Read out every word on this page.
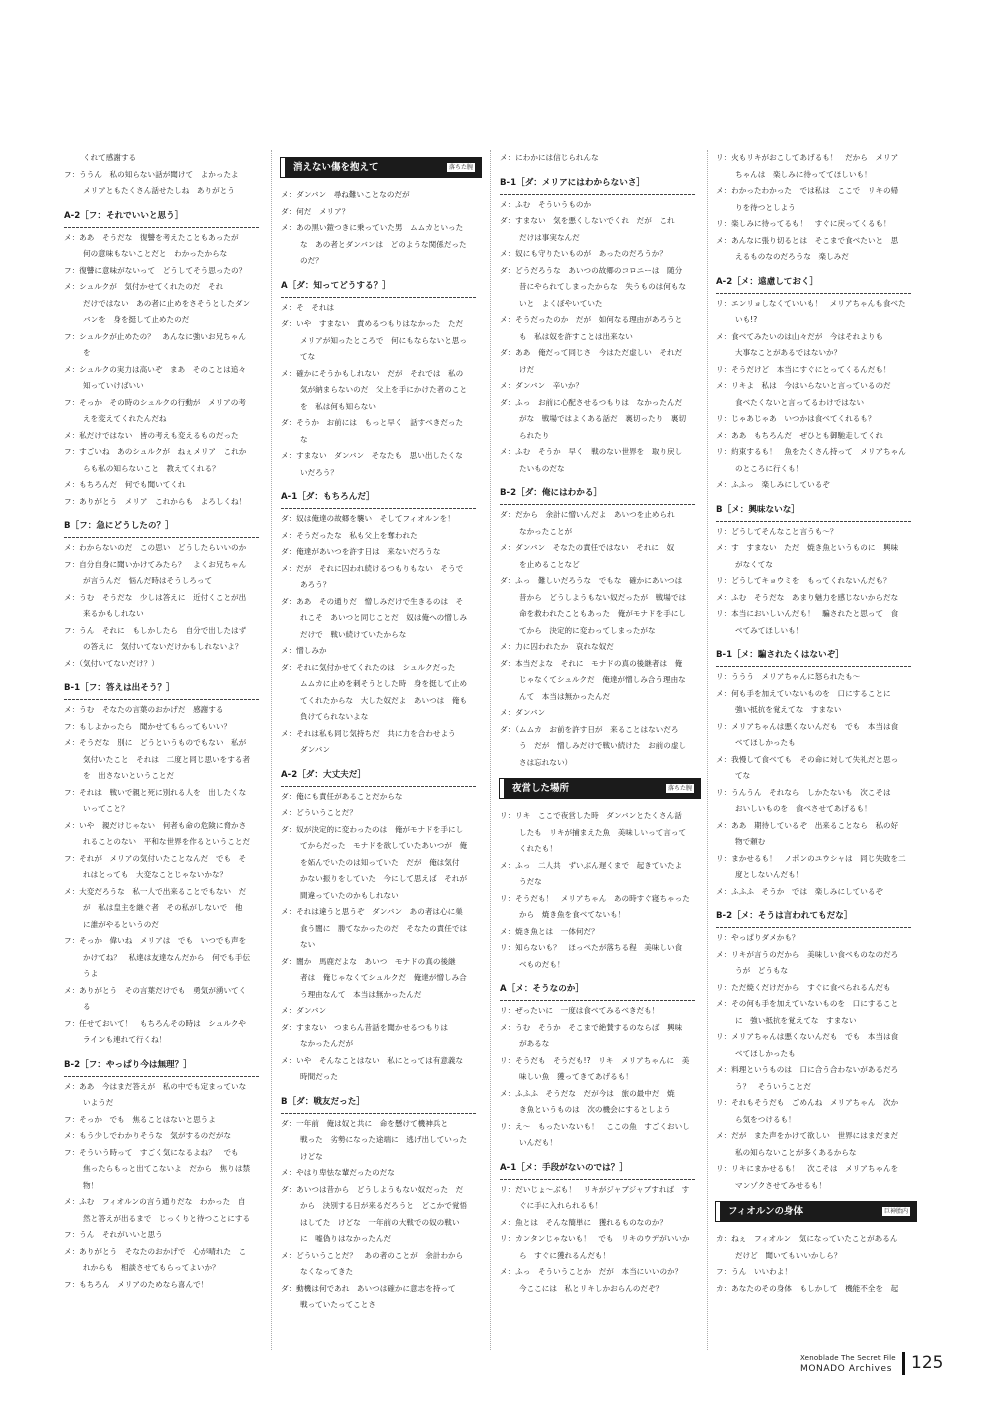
くれて感謝する
フ：ううん　私の知らない話が聞けて　よかったよ
メリアともたくさん話せたしね　ありがとう
A-2［フ：それでいいと思う］
メ：ああ　そうだな　復讐を考えたこともあったが
何の意味もないことだと　わかったからな
フ：復讐に意味がないって　どうしてそう思ったの？
メ：シュルクが　気付かせてくれたのだ　それ
だけではない　あの者に止めをさそうとしたダン
バンを　身を挺して止めたのだ
フ：シュルクが止めたの？　あんなに強いお兄ちゃん
を
メ：シュルクの実力は高いぞ　まあ　そのことは追々
知っていけばいい
フ：そっか　その時のシュルクの行動が　メリアの考
えを変えてくれたんだね
メ：私だけではない　皆の考えも変えるものだった
フ：すごいね　あのシュルクが　ねぇメリア　これか
らも私の知らないこと　教えてくれる？
メ：もちろんだ　何でも聞いてくれ
フ：ありがとう　メリア　これからも　よろしくね！
B［フ：急にどうしたの？］
メ：わからないのだ　この思い　どうしたらいいのか
フ：自分自身に聞いかけてみたら？　よくお兄ちゃん
が言うんだ　悩んだ時はそうしろって
メ：うむ　そうだな　少しは答えに　近付くことが出
来るかもしれない
フ：うん　それに　もしかしたら　自分で出したはず
の答えに　気付いてないだけかもしれないよ？
メ：（気付いてないだけ？）
B-1［フ：答えは出そう？］
メ：うむ　そなたの言葉のおかげだ　感謝する
フ：もしよかったら　聞かせてもらってもいい？
メ：そうだな　別に　どうというものでもない　私が
気付いたこと　それは　二度と同じ思いをする者
を　出さないということだ
フ：それは　戦いで親と死に別れる人を　出したくな
いってこと？
メ：いや　親だけじゃない　何者も命の危険に脅かさ
れることのない　平和な世界を作るということだ
フ：それが　メリアの気付いたことなんだ　でも　そ
れはとっても　大変なことじゃないかな？
メ：大変だろうな　私一人で出来ることでもない　だ
が　私は皇主を継ぐ者　その私がしないで　他
に誰がやるというのだ
フ：そっか　偉いね　メリアは　でも　いつでも声を
かけてね？　私達は友達なんだから　何でも手伝
うよ
メ：ありがとう　その言葉だけでも　勇気が湧いてく
る
フ：任せておいて！　もちろんその時は　シュルクや
ラインも連れて行くね！
B-2［フ：やっぱり今は無理？］
メ：ああ　今はまだ答えが　私の中でも定まっていな
いようだ
フ：そっか　でも　焦ることはないと思うよ
メ：もう少しでわかりそうな　気がするのだがな
フ：そういう時って　すごく気になるよね？　でも
焦ったらもっと出てこないよ　だから　焦りは禁
物！
メ：ふむ　フィオルンの言う通りだな　わかった　自
然と答えが出るまで　じっくりと待つことにする
フ：うん　それがいいと思う
メ：ありがとう　そなたのおかげで　心が晴れた　こ
れからも　相談させてもらってよいか？
フ：もちろん　メリアのためなら喜んで！
消えない傷を抱えて	落ちた腕
メ：ダンバン　尋ね難いことなのだが
ダ：何だ　メリア？
メ：あの黒い鎧つきに乗っていた男　ムムカといった
な　あの者とダンバンは　どのような関係だった
のだ？
A［ダ：知ってどうする？］
メ：そ　それは
ダ：いや　すまない　責めるつもりはなかった　ただ
メリアが知ったところで　何にもならないと思っ
てな
メ：確かにそうかもしれない　だが　それでは　私の
気が納まらないのだ　父上を手にかけた者のこと
を　私は何も知らない
ダ：そうか　お前には　もっと早く　話すべきだった
な
メ：すまない　ダンバン　そなたも　思い出したくな
いだろう？
A-1［ダ：もちろんだ］
ダ：奴は俺達の故郷を襲い　そしてフィオルンを！
メ：そうだったな　私も父上を奪われた
ダ：俺達があいつを許す日は　来ないだろうな
メ：だが　それに囚われ続けるつもりもない　そうで
あろう？
ダ：ああ　その通りだ　憎しみだけで生きるのは　そ
れこそ　あいつと同じことだ　奴は俺への憎しみ
だけで　戦い続けていたからな
メ：憎しみか
ダ：それに気付かせてくれたのは　シュルクだった
ムムカに止めを刺そうとした時　身を挺して止め
てくれたからな　大した奴だよ　あいつは　俺も
負けてられないよな
メ：それは私も同じ気持ちだ　共に力を合わせよう
ダンバン
A-2［ダ：大丈夫だ］
ダ：俺にも責任があることだからな
メ：どういうことだ？
ダ：奴が決定的に変わったのは　俺がモナドを手にし
てからだった　モナドを欲していたあいつが　俺
を妬んでいたのは知っていた　だが　俺は気付
かない振りをしていた　今にして思えば　それが
間違っていたのかもしれない
メ：それは違うと思うぞ　ダンバン　あの者は心に巣
食う闇に　勝てなかったのだ　そなたの責任では
ない
ダ：闇か　馬鹿だよな　あいつ　モナドの真の後継
者は　俺じゃなくてシュルクだ　俺達が憎しみ合
う理由なんて　本当は無かったんだ
メ：ダンバン
ダ：すまない　つまらん昔話を聞かせるつもりは
なかったんだが
メ：いや　そんなことはない　私にとっては有意義な
時間だった
B［ダ：戦友だった］
ダ：一年前　俺は奴と共に　命を懸けて機神兵と
戦った　劣勢になった途端に　逃げ出していった
けどな
メ：やはり卑怯な輩だったのだな
ダ：あいつは昔から　どうしようもない奴だった　だ
から　決別する日が来るだろうと　どこかで覚悟
はしてた　けどな　一年前の大戦での奴の戦い
に　嘘偽りはなかったんだ
メ：どういうことだ？　あの者のことが　余計わから
なくなってきた
ダ：動機は何であれ　あいつは確かに意志を持って
戦っていたってことさ
メ：にわかには信じられんな
B-1［ダ：メリアにはわからないさ］
メ：ふむ　そういうものか
ダ：すまない　気を悪くしないでくれ　だが　これ
だけは事実なんだ
メ：奴にも守りたいものが　あったのだろうか？
ダ：どうだろうな　あいつの故郷のコロニーは　随分
昔にやられてしまったからな　失うものは何もな
いと　よくぼやいていた
メ：そうだったのか　だが　如何なる理由があろうと
も　私は奴を許すことは出来ない
ダ：ああ　俺だって同じさ　今はただ虚しい　それだ
けだ
メ：ダンバン　辛いか？
ダ：ふっ　お前に心配させるつもりは　なかったんだ
がな　戦場ではよくある話だ　裏切ったり　裏切
られたり
メ：ふむ　そうか　早く　戦のない世界を　取り戻し
たいものだな
B-2［ダ：俺にはわかる］
ダ：だから　余計に憎いんだよ　あいつを止められ
なかったことが
メ：ダンバン　そなたの責任ではない　それに　奴
を止めることなど
ダ：ふっ　難しいだろうな　でもな　確かにあいつは
昔から　どうしようもない奴だったが　戦場では
命を救われたこともあった　俺がモナドを手にし
てから　決定的に変わってしまったがな
メ：力に囚われたか　哀れな奴だ
ダ：本当だよな　それに　モナドの真の後継者は　俺
じゃなくてシュルクだ　俺達が憎しみ合う理由な
んて　本当は無かったんだ
メ：ダンバン
ダ：（ムムカ　お前を許す日が　来ることはないだろ
う　だが　憎しみだけで戦い続けた　お前の虚し
さは忘れない）
夜営した場所	落ちた腕
リ：リキ　ここで夜営した時　ダンバンとたくさん話
したも　リキが捕まえた魚　美味しいって言って
くれたも！
メ：ふっ　二人共　ずいぶん遅くまで　起きていたよ
うだな
リ：そうだも！　メリアちゃん　あの時すぐ寝ちゃった
から　焼き魚を食べてないも！
メ：焼き魚とは　一体何だ？
リ：知らないも？　ほっぺたが落ちる程　美味しい食
べものだも！
A［メ：そうなのか］
リ：ぜったいに　一度は食べてみるべきだも！
メ：うむ　そうか　そこまで絶賛するのならば　興味
があるな
リ：そうだも　そうだも!?　リキ　メリアちゃんに　美
味しい魚　獲ってきてあげるも！
メ：ふふふ　そうだな　だが今は　旅の最中だ　焼
き魚というものは　次の機会にするとしよう
リ：え～　もったいないも！　ここの魚　すごくおいし
いんだも！
A-1［メ：手段がないのでは？］
リ：だいじょ～ぶも！　リキがジャブジャブすれば　す
ぐに手に入れられるも！
メ：魚とは　そんな簡単に　獲れるものなのか？
リ：カンタンじゃないも！　でも　リキのウデがいいか
ら　すぐに獲れるんだも！
メ：ふっ　そういうことか　だが　本当にいいのか？
今ここには　私とリキしかおらんのだぞ？
リ：火もリキがおこしてあげるも！　だから　メリア
ちゃんは　楽しみに待っててほしいも！
メ：わかったわかった　では私は　ここで　リキの帰
りを待つとしよう
リ：楽しみに待ってるも！　すぐに戻ってくるも！
メ：あんなに張り切るとは　そこまで食べたいと　思
えるものなのだろうな　楽しみだ
A-2［メ：遠慮しておく］
リ：エンリョしなくていいも！　メリアちゃんも食べた
いも!?
メ：食べてみたいのは山々だが　今はそれよりも
大事なことがあるではないか？
リ：そうだけど　本当にすぐにとってくるんだも！
メ：リキよ　私は　今はいらないと言っているのだ
食べたくないと言ってるわけではない
リ：じゃあじゃあ　いつかは食べてくれるも？
メ：ああ　もちろんだ　ぜひとも御馳走してくれ
リ：約束するも！　魚をたくさん持って　メリアちゃん
のところに行くも！
メ：ふふっ　楽しみにしているぞ
B［メ：興味ないな］
リ：どうしてそんなこと言うも～？
メ：す　すまない　ただ　焼き魚というものに　興味
がなくてな
リ：どうしてキョウミを　もってくれないんだも？
メ：ふむ　そうだな　あまり魅力を感じないからだな
リ：本当においしいんだも！　騙されたと思って　食
べてみてほしいも！
B-1［メ：騙されたくはないぞ］
リ：ううう　メリアちゃんに怒られたも～
メ：何も手を加えていないものを　口にすることに
強い抵抗を覚えてな　すまない
リ：メリアちゃんは悪くないんだも　でも　本当は食
べてほしかったも
メ：我慢して食べても　その命に対して失礼だと思っ
てな
リ：うんうん　それなら　しかたないも　次こそは
おいしいものを　食べさせてあげるも！
メ：ああ　期待しているぞ　出来ることなら　私の好
物で頼む
リ：まかせるも！　ノポンのユウシャは　同じ失敗を二
度としないんだも！
メ：ふふふ　そうか　では　楽しみにしているぞ
B-2［メ：そうは言われてもだな］
リ：やっぱりダメかも？
メ：リキが言うのだから　美味しい食べものなのだろ
うが　どうもな
リ：ただ焼くだけだから　すぐに食べられるんだも
メ：その何も手を加えていないものを　口にすること
に　強い抵抗を覚えてな　すまない
リ：メリアちゃんは悪くないんだも　でも　本当は食
べてほしかったも
メ：料理というものは　口に合う合わないがあるだろ
う？　そういうことだ
リ：それもそうだも　ごめんね　メリアちゃん　次か
ら気をつけるも！
メ：だが　また声をかけて欲しい　世界にはまだまだ
私の知らないことが多くあるからな
リ：リキにまかせるも！　次こそは　メリアちゃんを
マンゾクさせてみせるも！
フィオルンの身体	巨神胎内
カ：ねぇ　フィオルン　気になっていたことがあるん
だけど　聞いてもいいかしら？
フ：うん　いいわよ！
カ：あなたのその身体　もしかして　機能不全を　起
Xenoblade The Secret File
MONADO Archives 125
